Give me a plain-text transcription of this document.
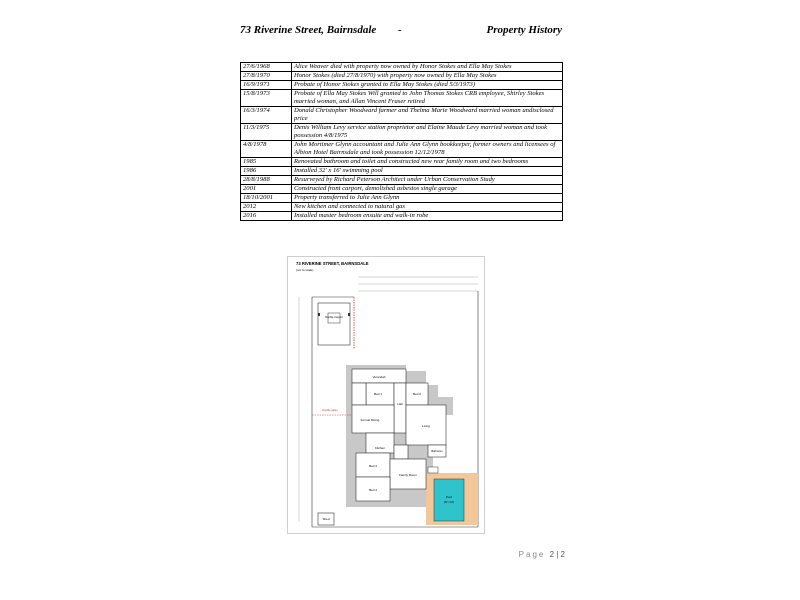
73 Riverine Street, Bairnsdale -	Property History
27/6/1968	Alice Weaver died with property now owned by Honor Stokes and Ella May Stokes
27/8/1970	Honor Stokes (died 27/8/1970) with property now owned by Ella May Stokes
16/9/1971	Probate of Honor Stokes granted to Ella May Stokes (died 5/3/1973)
15/8/1973	Probate of Ella May Stokes Will granted to John Thomas Stokes CRB employee, Shirley Stokes married woman, and Allan Vincent Fraser retired
16/3/1974	Donald Christopher Woodward farmer and Thelma Marie Woodward married woman undisclosed price
11/3/1975	Denis William Levy service station proprietor and Elaine Maude Levy married woman and took possession 4/8/1975
4/8/1978	John Mortimer Glynn accountant and Julie Ann Glynn bookkeeper, former owners and licensees of Albion Hotel Bairnsdale and took possession 12/12/1978
1985	Renovated bathroom and toilet and constructed new rear family room and two bedrooms
1986	Installed 32' x 16' swimming pool
28/8/1988	Resurveyed by Richard Peterson Architect under Urban Conservation Study
2001	Constructed front carport, demolished asbestos single garage
18/10/2001	Property transferred to Julie Ann Glynn
2012	New kitchen and connected to natural gas
2016	Installed master bedroom ensuite and walk-in robe
Double Carport
Verandah
Bed 1
Hall
Bed 2
Formal Dining
Living
Kitchen
Bathroom
Bed 3
Family Room
Bed 4
Pool
(32' x 16')
Shed
Double gates
73 RIVERINE STREET, BAIRNSDALE
(not to scale)
Page 2 | 2
